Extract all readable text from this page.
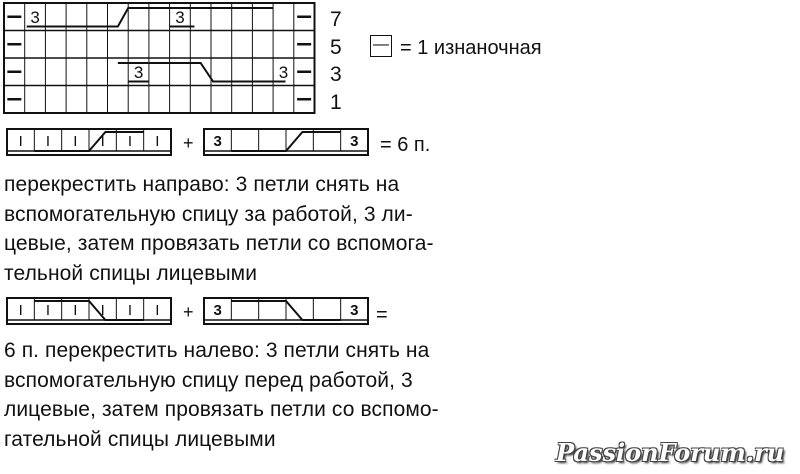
3	3
3	3
7
5
3
1
— = 1 изнаночная
I I I I I I + 3	3 = 6 п.
перекрестить направо: 3 петли снять на
вспомогательную спицу за работой, 3 ли-
цевые, затем провязать петли со вспомога-
тельной спицы лицевыми
I I I I I I + 3	3 =
6 п. перекрестить налево: 3 петли снять на
вспомогательную спицу перед работой, 3
лицевые, затем провязать петли со вспомо-
гательной спицы лицевыми	PassionForum.ru
